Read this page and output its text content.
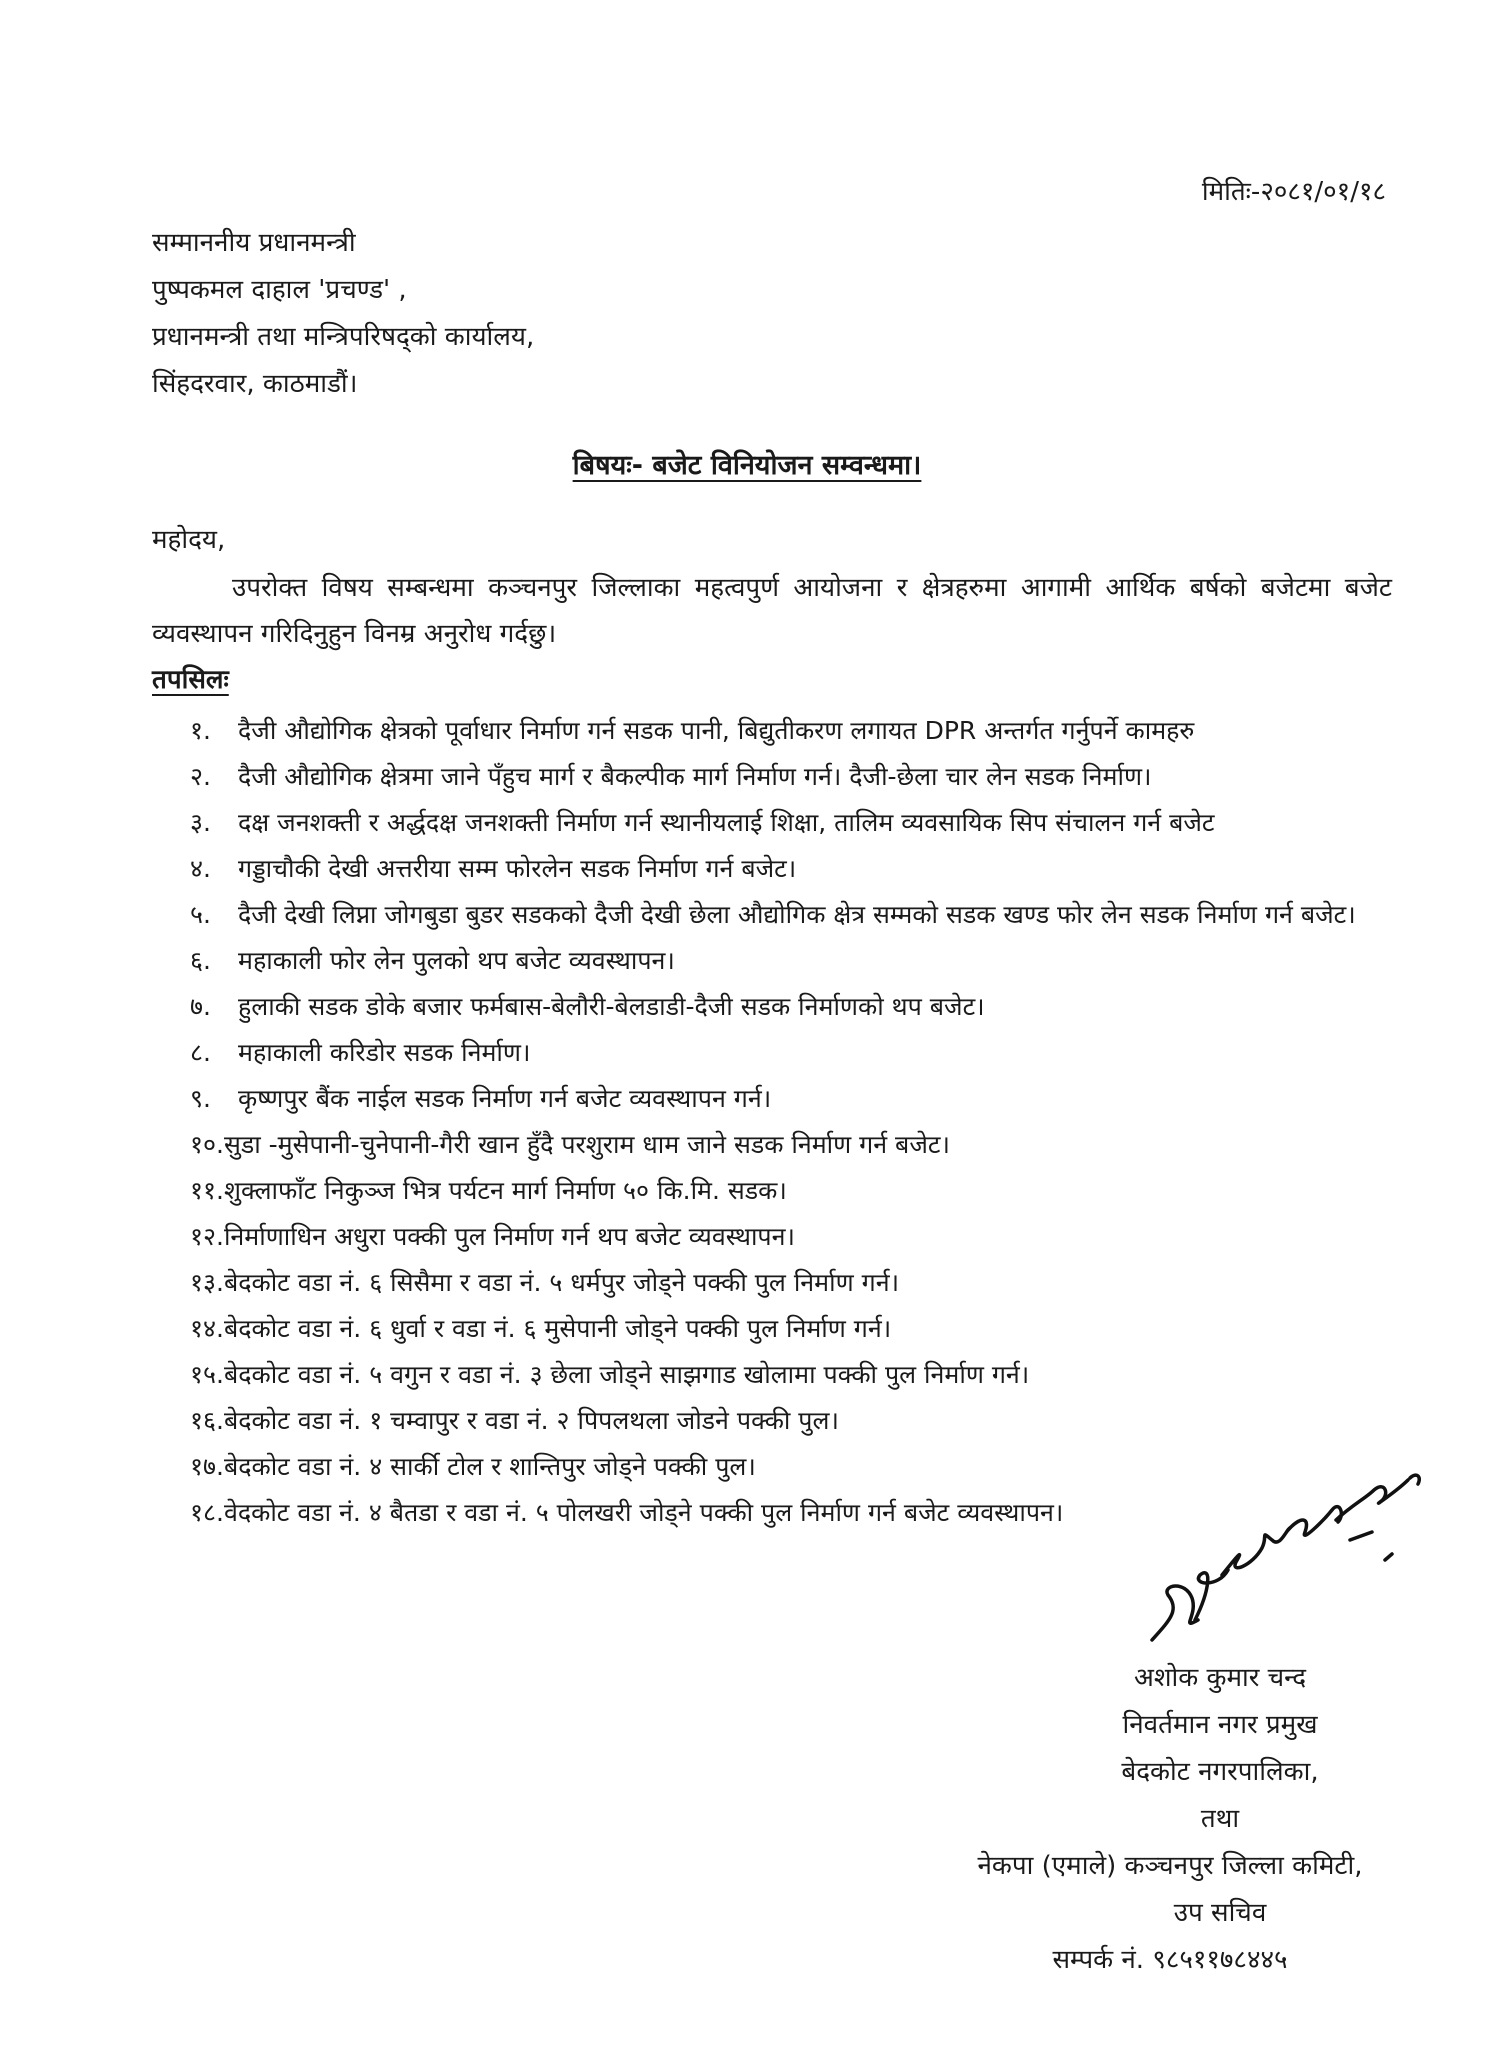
मितिः-२०८१/०१/१८
सम्माननीय प्रधानमन्त्री
पुष्पकमल दाहाल 'प्रचण्ड' ,
प्रधानमन्त्री तथा मन्त्रिपरिषद्को कार्यालय,
सिंहदरवार, काठमाडौं।
बिषयः- बजेट विनियोजन सम्वन्धमा।
महोदय,
उपरोक्त विषय सम्बन्धमा कञ्चनपुर जिल्लाका महत्वपुर्ण आयोजना र क्षेत्रहरुमा आगामी आर्थिक बर्षको बजेटमा बजेट व्यवस्थापन गरिदिनुहुन विनम्र अनुरोध गर्दछु।
तपसिलः
१. दैजी औद्योगिक क्षेत्रको पूर्वाधार निर्माण गर्न सडक पानी, बिद्युतीकरण लगायत DPR अन्तर्गत गर्नुपर्ने कामहरु
२. दैजी औद्योगिक क्षेत्रमा जाने पँहुच मार्ग र बैकल्पीक मार्ग निर्माण गर्न। दैजी-छेला चार लेन सडक निर्माण।
३. दक्ष जनशक्ती र अर्द्धदक्ष जनशक्ती निर्माण गर्न स्थानीयलाई शिक्षा, तालिम व्यवसायिक सिप संचालन गर्न बजेट
४. गड्डाचौकी देखी अत्तरीया सम्म फोरलेन सडक निर्माण गर्न बजेट।
५. दैजी देखी लिप्ना जोगबुडा बुडर सडकको दैजी देखी छेला औद्योगिक क्षेत्र सम्मको सडक खण्ड फोर लेन सडक निर्माण गर्न बजेट।
६. महाकाली फोर लेन पुलको थप बजेट व्यवस्थापन।
७. हुलाकी सडक डोके बजार फर्मबास-बेलौरी-बेलडाडी-दैजी सडक निर्माणको थप बजेट।
८. महाकाली करिडोर सडक निर्माण।
९. कृष्णपुर बैंक नाईल सडक निर्माण गर्न बजेट व्यवस्थापन गर्न।
१०.सुडा -मुसेपानी-चुनेपानी-गैरी खान हुँदै परशुराम धाम जाने सडक निर्माण गर्न बजेट।
११.शुक्लाफाँट निकुञ्ज भित्र पर्यटन मार्ग निर्माण ५० कि.मि. सडक।
१२.निर्माणाधिन अधुरा पक्की पुल निर्माण गर्न थप बजेट व्यवस्थापन।
१३.बेदकोट वडा नं. ६ सिसैमा र वडा नं. ५ धर्मपुर जोड्ने पक्की पुल निर्माण गर्न।
१४.बेदकोट वडा नं. ६ धुर्वा र वडा नं. ६ मुसेपानी जोड्ने पक्की पुल निर्माण गर्न।
१५.बेदकोट वडा नं. ५ वगुन र वडा नं. ३ छेला जोड्ने साझगाड खोलामा पक्की पुल निर्माण गर्न।
१६.बेदकोट वडा नं. १ चम्वापुर र वडा नं. २ पिपलथला जोडने पक्की पुल।
१७.बेदकोट वडा नं. ४ सार्की टोल र शान्तिपुर जोड्ने पक्की पुल।
१८.वेदकोट वडा नं. ४ बैतडा र वडा नं. ५ पोलखरी जोड्ने पक्की पुल निर्माण गर्न बजेट व्यवस्थापन।
अशोक कुमार चन्द
निवर्तमान नगर प्रमुख
बेदकोट नगरपालिका,
तथा
नेकपा (एमाले) कञ्चनपुर जिल्ला कमिटी,
उप सचिव
सम्पर्क नं. ९८५११७८४४५
